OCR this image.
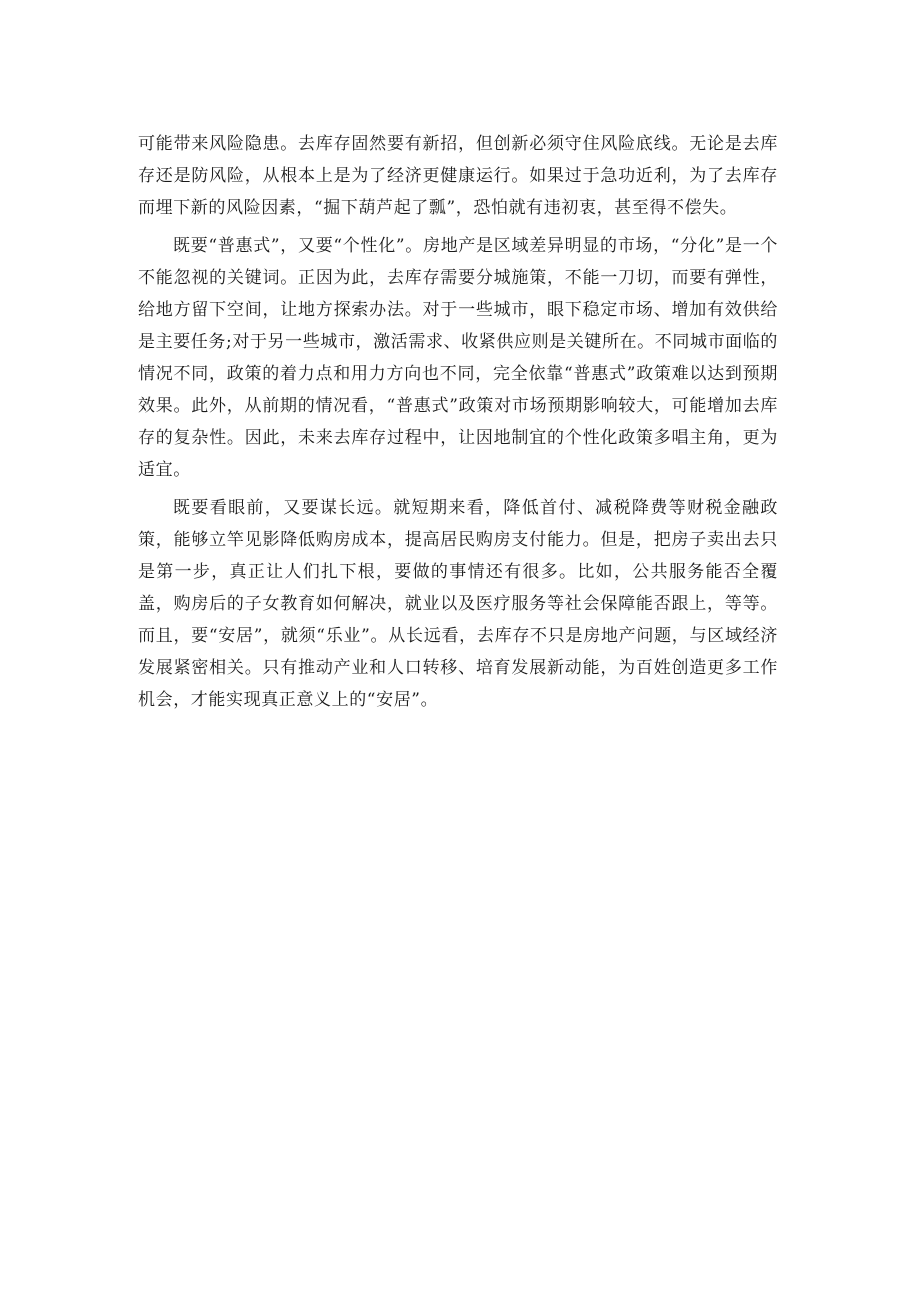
可能带来风险隐患。去库存固然要有新招，但创新必须守住风险底线。无论是去库存还是防风险，从根本上是为了经济更健康运行。如果过于急功近利，为了去库存而埋下新的风险因素，“掘下葫芦起了瓢”，恐怕就有违初衷，甚至得不偿失。

既要“普惠式”，又要“个性化”。房地产是区域差异明显的市场，“分化”是一个不能忽视的关键词。正因为此，去库存需要分城施策，不能一刀切，而要有弹性，给地方留下空间，让地方探索办法。对于一些城市，眼下稳定市场、增加有效供给是主要任务;对于另一些城市，激活需求、收紧供应则是关键所在。不同城市面临的情况不同，政策的着力点和用力方向也不同，完全依靠“普惠式”政策难以达到预期效果。此外，从前期的情况看，“普惠式”政策对市场预期影响较大，可能增加去库存的复杂性。因此，未来去库存过程中，让因地制宜的个性化政策多唱主角，更为适宜。

既要看眼前，又要谋长远。就短期来看，降低首付、减税降费等财税金融政策，能够立竿见影降低购房成本，提高居民购房支付能力。但是，把房子卖出去只是第一步，真正让人们扎下根，要做的事情还有很多。比如，公共服务能否全覆盖，购房后的子女教育如何解决，就业以及医疗服务等社会保障能否跟上，等等。而且，要“安居”，就须“乐业”。从长远看，去库存不只是房地产问题，与区域经济发展紧密相关。只有推动产业和人口转移、培育发展新动能，为百姓创造更多工作机会，才能实现真正意义上的“安居”。
